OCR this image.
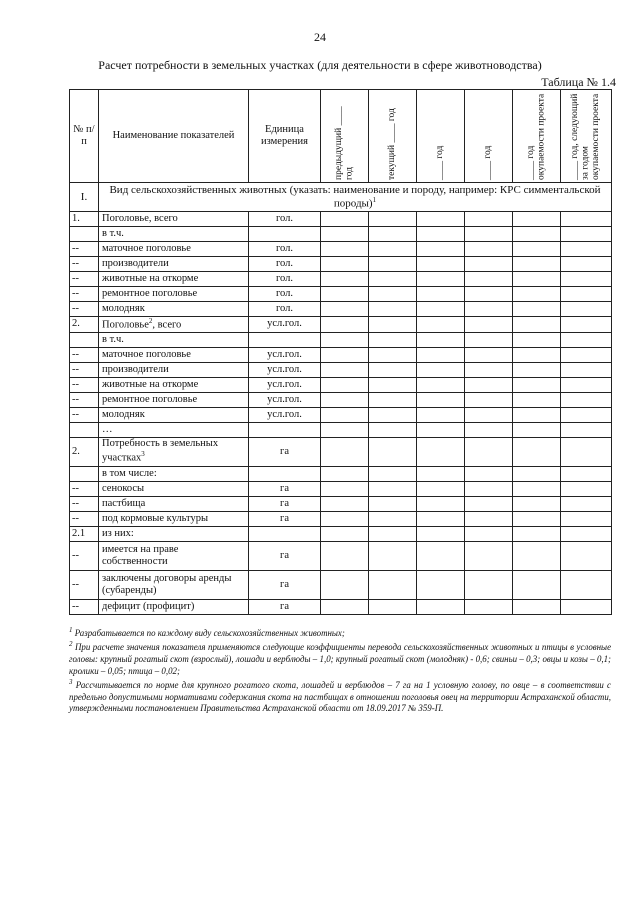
24
Расчет потребности в земельных участках (для деятельности в сфере животноводства)
Таблица № 1.4
№ п/п	Наименование показателей	Единица измерения	предыдущий ____ год	текущий ____ год	____ год	____ год	____ год окупаемости проекта	____ год, следующий за годом окупаемости проекта

I.	Вид сельскохозяйственных животных (указать: наименование и породу, например: КРС симментальской породы)$^1$
1.	Поголовье, всего	гол.						
	в т.ч.							
--	маточное поголовье	гол.						
--	производители	гол.						
--	животные на откорме	гол.						
--	ремонтное поголовье	гол.						
--	молодняк	гол.						
2.	Поголовье$^2$, всего	усл.гол.						
	в т.ч.							
--	маточное поголовье	усл.гол.						
--	производители	усл.гол.						
--	животные на откорме	усл.гол.						
--	ремонтное поголовье	усл.гол.						
--	молодняк	усл.гол.						
	…							
2.	Потребность в земельных участках$^3$	га						
	в том числе:							
--	сенокосы	га						
--	пастбища	га						
--	под кормовые культуры	га						
2.1	из них:							
--	имеется на праве собственности	га						
--	заключены договоры аренды (субаренды)	га						
--	дефицит (профицит)	га						

$^1$ Разрабатывается по каждому виду сельскохозяйственных животных;

$^2$ При расчете значения показателя применяются следующие коэффициенты перевода сельскохозяйственных животных и птицы в условные головы: крупный рогатый скот (взрослый), лошади и верблюды – 1,0; крупный рогатый скот (молодняк) - 0,6; свиньи – 0,3; овцы и козы – 0,1; кролики – 0,05; птица – 0,02;

$^3$ Рассчитывается по норме для крупного рогатого скота, лошадей и верблюдов – 7 га на 1 условную голову, по овце – в соответствии с предельно допустимыми нормативами содержания скота на пастбищах в отношении поголовья овец на территории Астраханской области, утвержденными постановлением Правительства Астраханской области от 18.09.2017 № 359-П.
